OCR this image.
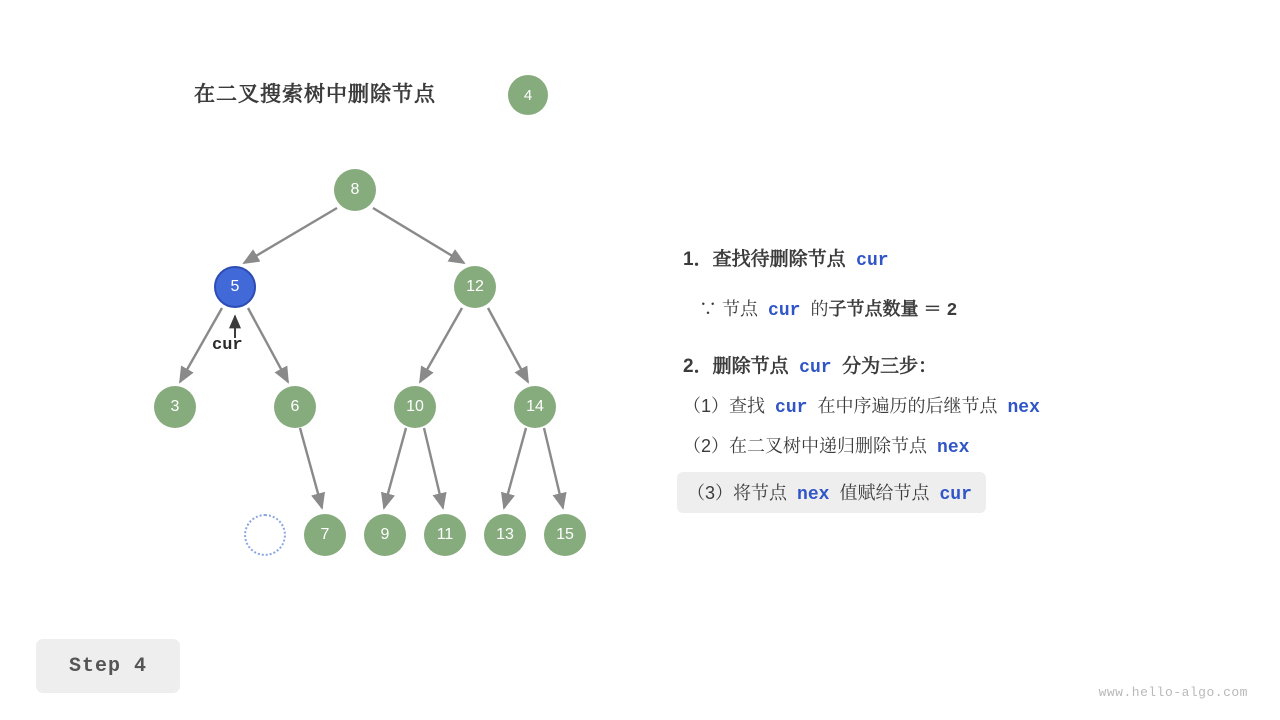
在二叉搜索树中删除节点	4
8
5	12
3	6	10	14
7	9	11	13	15
cur
1．查找待删除节点 cur
∵ 节点 cur 的子节点数量 ＝ 2
2．删除节点 cur 分为三步：
（1）查找 cur 在中序遍历的后继节点 nex
（2）在二叉树中递归删除节点 nex
（3）将节点 nex 值赋给节点 cur
Step 4
www.hello-algo.com
